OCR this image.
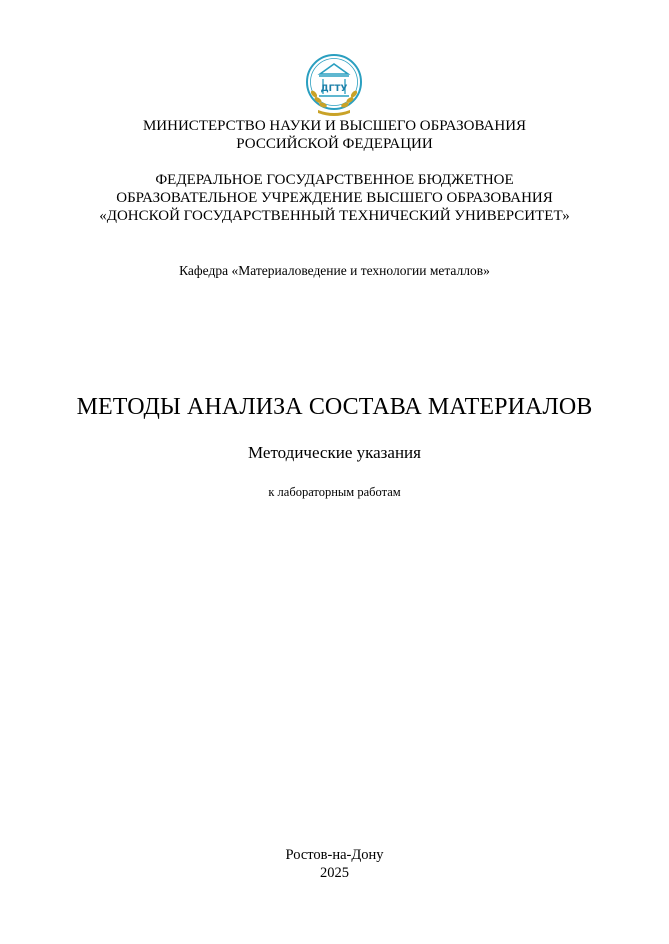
ДГТУ
МИНИСТЕРСТВО НАУКИ И ВЫСШЕГО ОБРАЗОВАНИЯ
РОССИЙСКОЙ ФЕДЕРАЦИИ
ФЕДЕРАЛЬНОЕ ГОСУДАРСТВЕННОЕ БЮДЖЕТНОЕ
ОБРАЗОВАТЕЛЬНОЕ УЧРЕЖДЕНИЕ ВЫСШЕГО ОБРАЗОВАНИЯ
«ДОНСКОЙ ГОСУДАРСТВЕННЫЙ ТЕХНИЧЕСКИЙ УНИВЕРСИТЕТ»
Кафедра «Материаловедение и технологии металлов»
МЕТОДЫ АНАЛИЗА СОСТАВА МАТЕРИАЛОВ
Методические указания
к лабораторным работам
Ростов-на-Дону
2025
